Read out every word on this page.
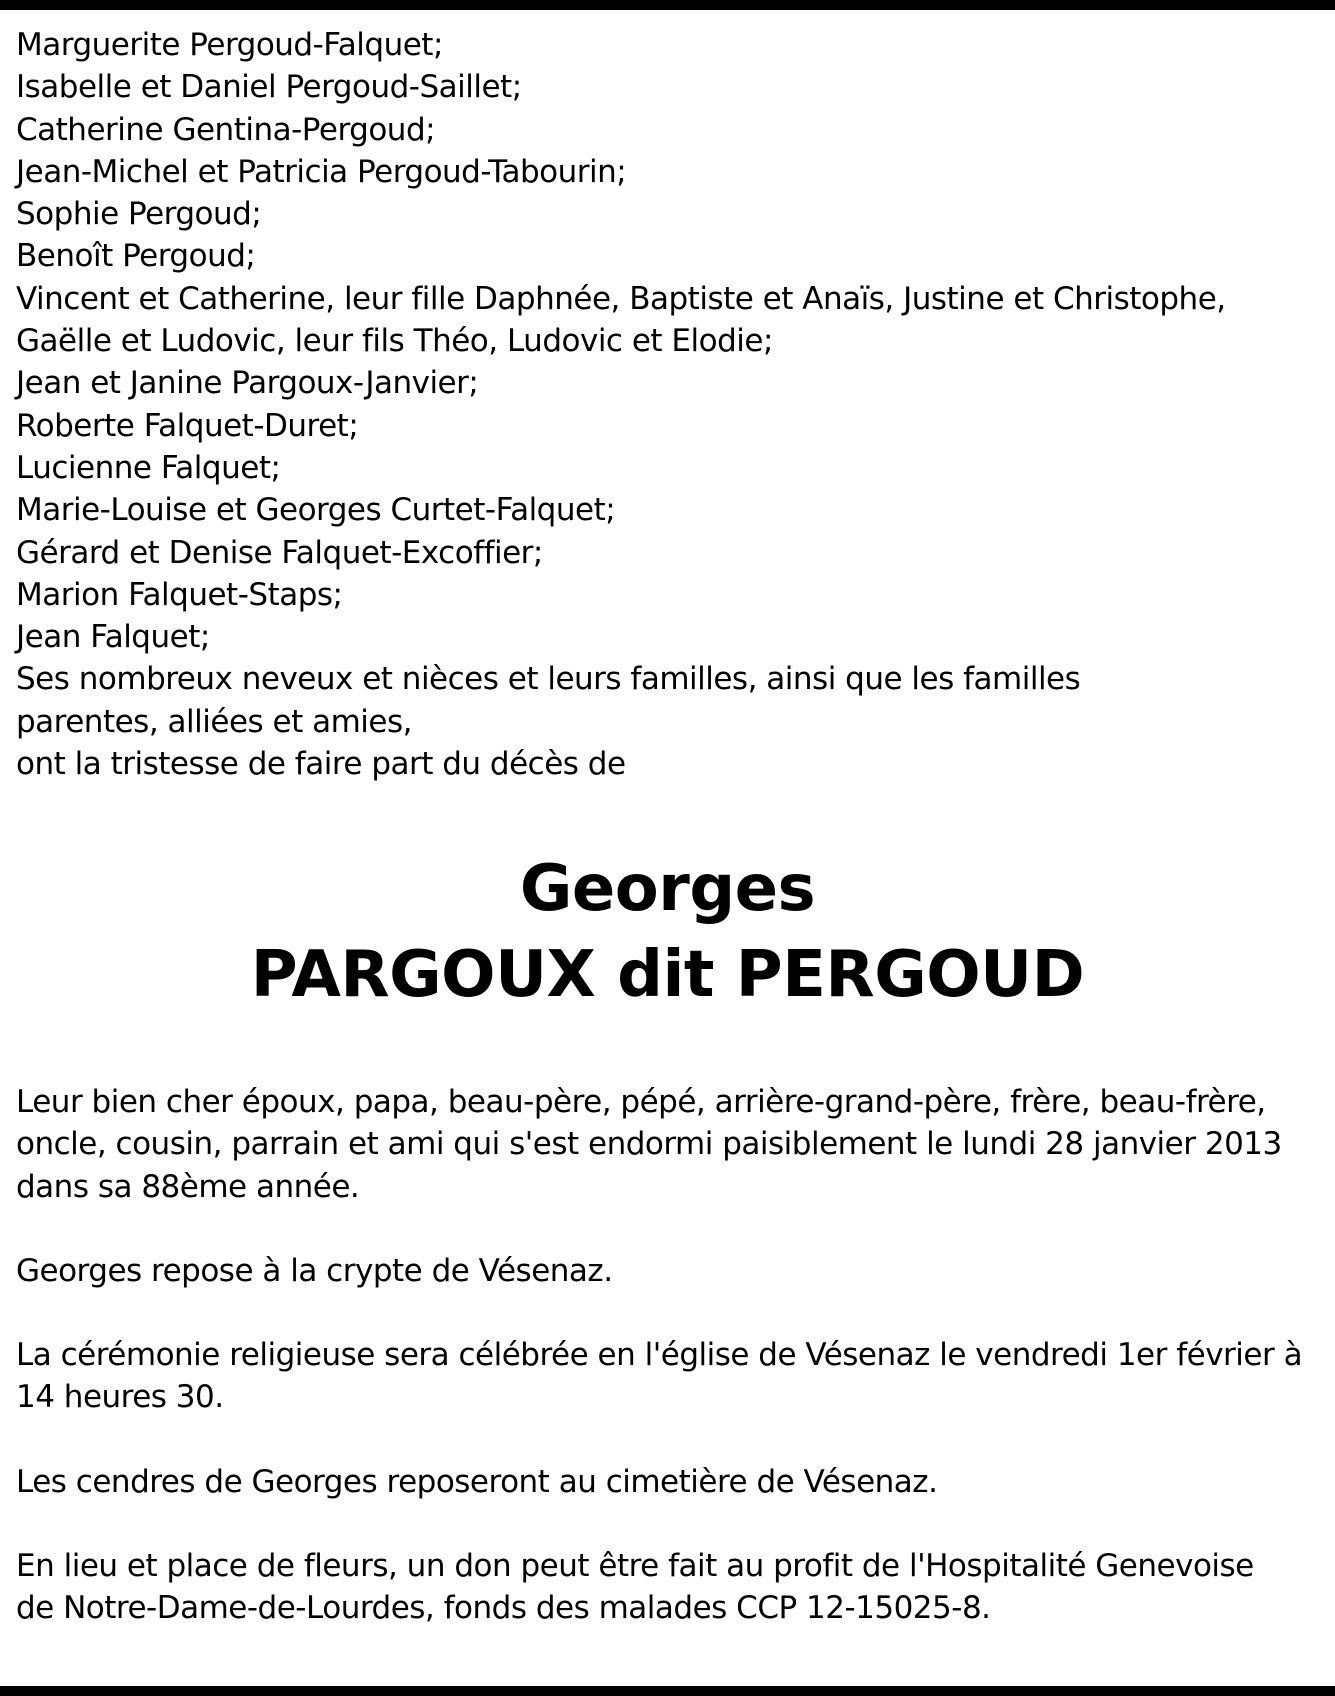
Marguerite Pergoud-Falquet;
Isabelle et Daniel Pergoud-Saillet;
Catherine Gentina-Pergoud;
Jean-Michel et Patricia Pergoud-Tabourin;
Sophie Pergoud;
Benoît Pergoud;
Vincent et Catherine, leur fille Daphnée, Baptiste et Anaïs, Justine et Christophe,
Gaëlle et Ludovic, leur fils Théo, Ludovic et Elodie;
Jean et Janine Pargoux-Janvier;
Roberte Falquet-Duret;
Lucienne Falquet;
Marie-Louise et Georges Curtet-Falquet;
Gérard et Denise Falquet-Excoffier;
Marion Falquet-Staps;
Jean Falquet;
Ses nombreux neveux et nièces et leurs familles, ainsi que les familles
parentes, alliées et amies,
ont la tristesse de faire part du décès de
Georges
PARGOUX dit PERGOUD

Leur bien cher époux, papa, beau-père, pépé, arrière-grand-père, frère, beau-frère,
oncle, cousin, parrain et ami qui s'est endormi paisiblement le lundi 28 janvier 2013
dans sa 88ème année.

Georges repose à la crypte de Vésenaz.

La cérémonie religieuse sera célébrée en l'église de Vésenaz le vendredi 1er février à
14 heures 30.

Les cendres de Georges reposeront au cimetière de Vésenaz.

En lieu et place de fleurs, un don peut être fait au profit de l'Hospitalité Genevoise
de Notre-Dame-de-Lourdes, fonds des malades CCP 12-15025-8.
